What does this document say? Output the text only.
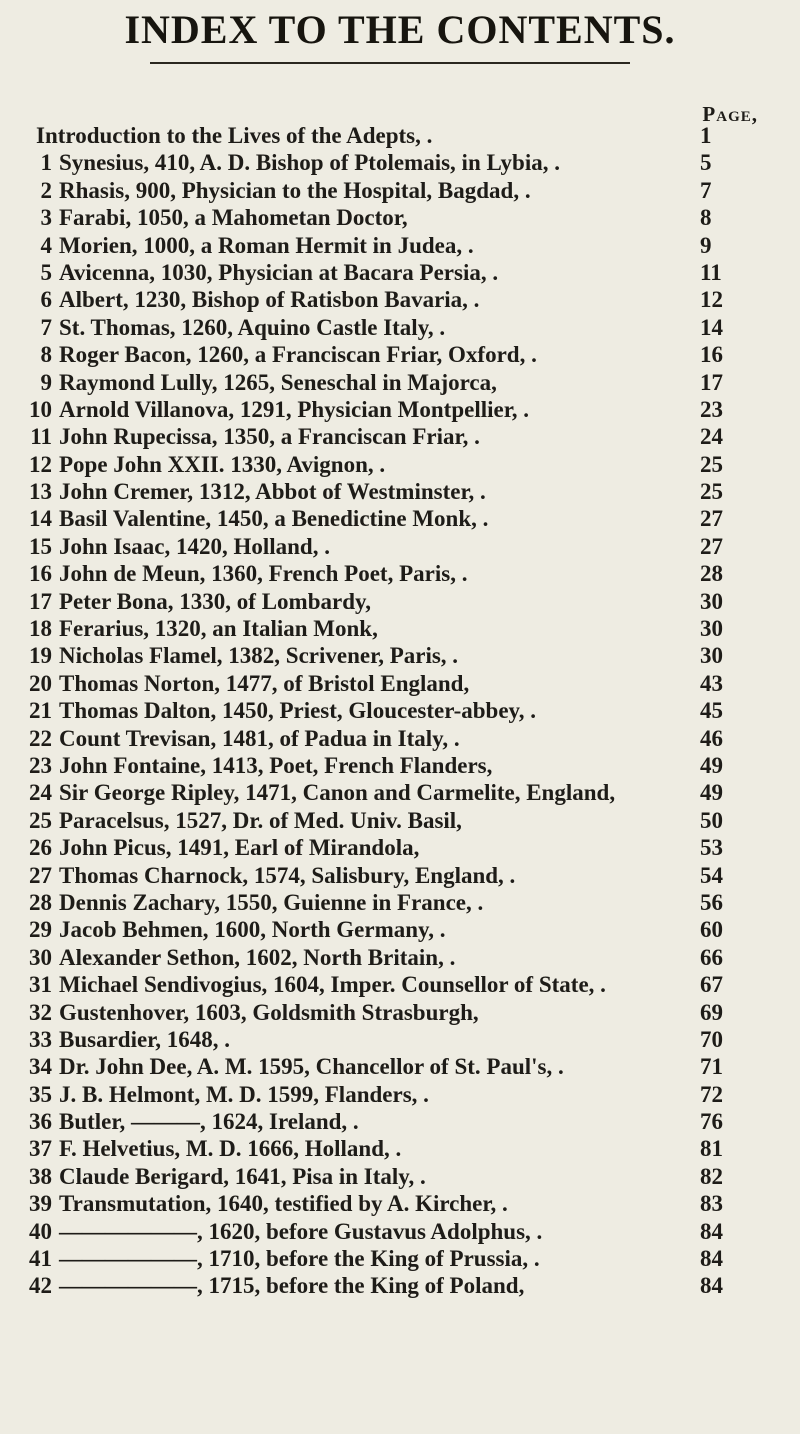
INDEX TO THE CONTENTS.
Page,
Introduction to the Lives of the Adepts, .	1
1 Synesius, 410, A. D. Bishop of Ptolemais, in Lybia, .	5
2 Rhasis, 900, Physician to the Hospital, Bagdad, .	7
3 Farabi, 1050, a Mahometan Doctor,	8
4 Morien, 1000, a Roman Hermit in Judea, .	9
5 Avicenna, 1030, Physician at Bacara Persia, .	11
6 Albert, 1230, Bishop of Ratisbon Bavaria, .	12
7 St. Thomas, 1260, Aquino Castle Italy, .	14
8 Roger Bacon, 1260, a Franciscan Friar, Oxford, .	16
9 Raymond Lully, 1265, Seneschal in Majorca,	17
10 Arnold Villanova, 1291, Physician Montpellier, .	23
11 John Rupecissa, 1350, a Franciscan Friar, .	24
12 Pope John XXII. 1330, Avignon, .	25
13 John Cremer, 1312, Abbot of Westminster, .	25
14 Basil Valentine, 1450, a Benedictine Monk, .	27
15 John Isaac, 1420, Holland, .	27
16 John de Meun, 1360, French Poet, Paris, .	28
17 Peter Bona, 1330, of Lombardy,	30
18 Ferarius, 1320, an Italian Monk,	30
19 Nicholas Flamel, 1382, Scrivener, Paris, .	30
20 Thomas Norton, 1477, of Bristol England,	43
21 Thomas Dalton, 1450, Priest, Gloucester-abbey, .	45
22 Count Trevisan, 1481, of Padua in Italy, .	46
23 John Fontaine, 1413, Poet, French Flanders,	49
24 Sir George Ripley, 1471, Canon and Carmelite, England,	49
25 Paracelsus, 1527, Dr. of Med. Univ. Basil,	50
26 John Picus, 1491, Earl of Mirandola,	53
27 Thomas Charnock, 1574, Salisbury, England, .	54
28 Dennis Zachary, 1550, Guienne in France, .	56
29 Jacob Behmen, 1600, North Germany, .	60
30 Alexander Sethon, 1602, North Britain, .	66
31 Michael Sendivogius, 1604, Imper. Counsellor of State, .	67
32 Gustenhover, 1603, Goldsmith Strasburgh,	69
33 Busardier, 1648, .	70
34 Dr. John Dee, A. M. 1595, Chancellor of St. Paul's, .	71
35 J. B. Helmont, M. D. 1599, Flanders, .	72
36 Butler, ———, 1624, Ireland, .	76
37 F. Helvetius, M. D. 1666, Holland, .	81
38 Claude Berigard, 1641, Pisa in Italy, .	82
39 Transmutation, 1640, testified by A. Kircher, .	83
40 ——————, 1620, before Gustavus Adolphus, .	84
41 ——————, 1710, before the King of Prussia, .	84
42 ——————, 1715, before the King of Poland,	84
